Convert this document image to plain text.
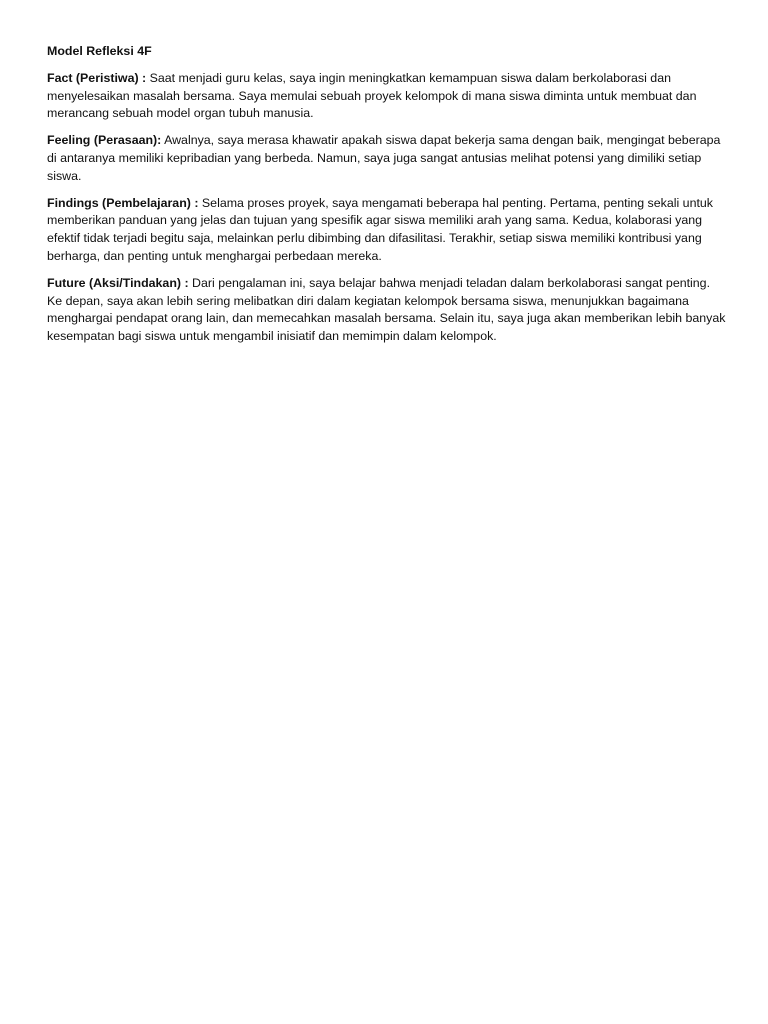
Model Refleksi 4F

Fact (Peristiwa) : Saat menjadi guru kelas, saya ingin meningkatkan kemampuan siswa dalam berkolaborasi dan menyelesaikan masalah bersama. Saya memulai sebuah proyek kelompok di mana siswa diminta untuk membuat dan merancang sebuah model organ tubuh manusia.

Feeling (Perasaan): Awalnya, saya merasa khawatir apakah siswa dapat bekerja sama dengan baik, mengingat beberapa di antaranya memiliki kepribadian yang berbeda. Namun, saya juga sangat antusias melihat potensi yang dimiliki setiap siswa.

Findings (Pembelajaran) : Selama proses proyek, saya mengamati beberapa hal penting. Pertama, penting sekali untuk memberikan panduan yang jelas dan tujuan yang spesifik agar siswa memiliki arah yang sama. Kedua, kolaborasi yang efektif tidak terjadi begitu saja, melainkan perlu dibimbing dan difasilitasi. Terakhir, setiap siswa memiliki kontribusi yang berharga, dan penting untuk menghargai perbedaan mereka.

Future (Aksi/Tindakan) : Dari pengalaman ini, saya belajar bahwa menjadi teladan dalam berkolaborasi sangat penting. Ke depan, saya akan lebih sering melibatkan diri dalam kegiatan kelompok bersama siswa, menunjukkan bagaimana menghargai pendapat orang lain, dan memecahkan masalah bersama. Selain itu, saya juga akan memberikan lebih banyak kesempatan bagi siswa untuk mengambil inisiatif dan memimpin dalam kelompok.
